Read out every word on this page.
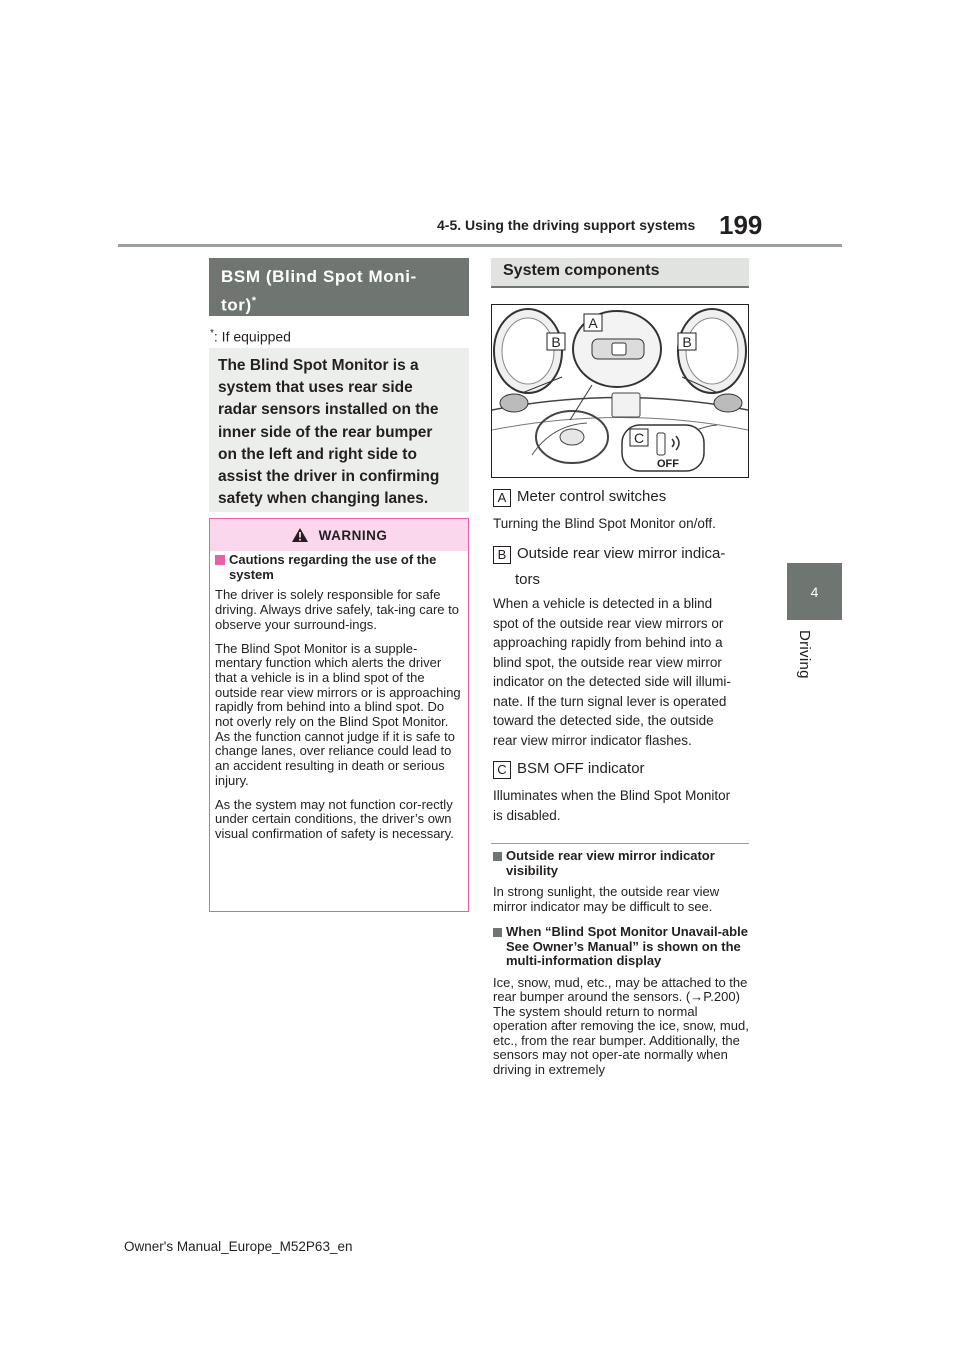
4-5. Using the driving support systems 199
4
Driving
BSM (Blind Spot Moni-
tor)*
*: If equipped
The Blind Spot Monitor is a
system that uses rear side
radar sensors installed on the
inner side of the rear bumper
on the left and right side to
assist the driver in confirming
safety when changing lanes.
WARNING

Cautions regarding the use of the system

The driver is solely responsible for safe driving. Always drive safely, tak-ing care to observe your surround-ings.

The Blind Spot Monitor is a supple-mentary function which alerts the driver that a vehicle is in a blind spot of the outside rear view mirrors or is approaching rapidly from behind into a blind spot. Do not overly rely on the Blind Spot Monitor. As the function cannot judge if it is safe to change lanes, over reliance could lead to an accident resulting in death or serious injury.

As the system may not function cor-rectly under certain conditions, the driver’s own visual confirmation of safety is necessary.

System components
A
B	B
C
OFF
A Meter control switches
Turning the Blind Spot Monitor on/off.
B Outside rear view mirror indica-
tors
When a vehicle is detected in a blind
spot of the outside rear view mirrors or
approaching rapidly from behind into a
blind spot, the outside rear view mirror
indicator on the detected side will illumi-
nate. If the turn signal lever is operated
toward the detected side, the outside
rear view mirror indicator flashes.
C BSM OFF indicator
Illuminates when the Blind Spot Monitor
is disabled.
Outside rear view mirror indicator visibility
In strong sunlight, the outside rear view mirror indicator may be difficult to see.
When “Blind Spot Monitor Unavail-able See Owner’s Manual” is shown on the multi-information display
Ice, snow, mud, etc., may be attached to the rear bumper around the sensors. (→P.200) The system should return to normal operation after removing the ice, snow, mud, etc., from the rear bumper. Additionally, the sensors may not oper-ate normally when driving in extremely
Owner's Manual_Europe_M52P63_en
